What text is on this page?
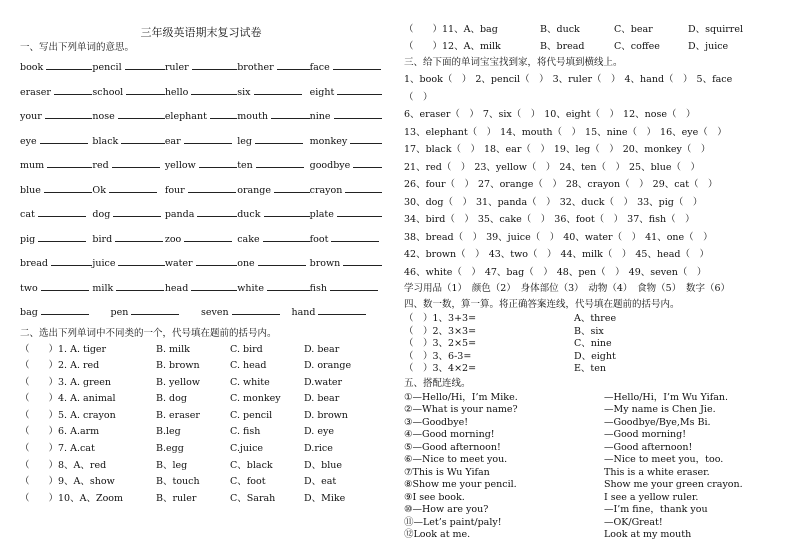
三年级英语期末复习试卷
一、写出下列单词的意思。
book	pencil	ruler	brother	face
eraser	school	hello	six	eight
your	nose	elephant	mouth	nine
eye	black	ear	leg	monkey
mum	red	yellow	ten	goodbye
blue	Ok	four	orange	crayon
cat	dog	panda	duck	plate
pig	bird	zoo	cake	foot
bread	juice	water	one	brown
two	milk	head	white	fish
bag	pen	seven	hand
二、选出下列单词中不同类的一个，代号填在题前的括号内。
（　　） 1. A. tiger	B. milk	C. bird	D. bear
（　　） 2. A. red	B. brown	C. head	D. orange
（　　） 3. A. green	B. yellow	C. white	D.water
（　　） 4. A. animal	B. dog	C. monkey	D. bear
（　　） 5. A. crayon	B. eraser	C. pencil	D. brown
（　　） 6. A.arm	B.leg	C. fish	D. eye
（　　） 7. A.cat	B.egg	C.juice	D.rice
（　　） 8、A、red	B、leg	C、black	D、blue
（　　） 9、A、show	B、touch	C、foot	D、eat
（　　） 10、A、Zoom	B、ruler	C、Sarah	D、Mike
（　　） 11、A、bag	B、duck	C、bear	D、squirrel
（　　） 12、A、milk	B、bread	C、coffee	D、juice
三、给下面的单词宝宝找到家，将代号填到横线上。
1、book（　） 2、pencil（　） 3、ruler（　） 4、hand（　） 5、face
（　）
6、eraser（　） 7、six（　） 10、eight（　） 12、nose（　）
13、elephant（　） 14、mouth（　） 15、nine（　） 16、eye（　）
17、black（　） 18、ear（　） 19、leg（　） 20、monkey（　）
21、red（　） 23、yellow（　） 24、ten（　） 25、blue（　）
26、four（　） 27、orange（　） 28、crayon（　） 29、cat（　）
30、dog（　） 31、panda（　） 32、duck（　） 33、pig（　）
34、bird（　） 35、cake（　） 36、foot（　） 37、fish（　）
38、bread（　） 39、juice（　） 40、water（　） 41、one（　）
42、brown（　） 43、two（　） 44、milk（　） 45、head（　）
46、white（　） 47、bag（　） 48、pen（　） 49、seven（　）
学习用品（1）　颜色（2）　身体部位（3）　动物（4）　食物（5）　数字（6）
四、数一数，算一算。将正确答案连线，代号填在题前的括号内。
（　）1、3+3=	A、three
（　）2、3×3=	B、six
（　）3、2×5=	C、nine
（　）3、6-3=	D、eight
（　）3、4×2=	E、ten
五、搭配连线。
①—Hello/Hi，I’m Mike.	—Hello/Hi，I’m Wu Yifan.
②—What is your name?	—My name is Chen Jie.
③—Goodbye!	—Goodbye/Bye,Ms Bi.
④—Good morning!	—Good morning!
⑤—Good afternoon!	—Good afternoon!
⑥—Nice to meet you.	—Nice to meet you，too.
⑦This is Wu Yifan	This is a white eraser.
⑧Show me your pencil.	Show me your green crayon.
⑨I see book.	I see a yellow ruler.
⑩—How are you?	—I’m fine，thank you
⑪—Let’s paint/paly!	—OK/Great!
⑫Look at me.	Look at my mouth
